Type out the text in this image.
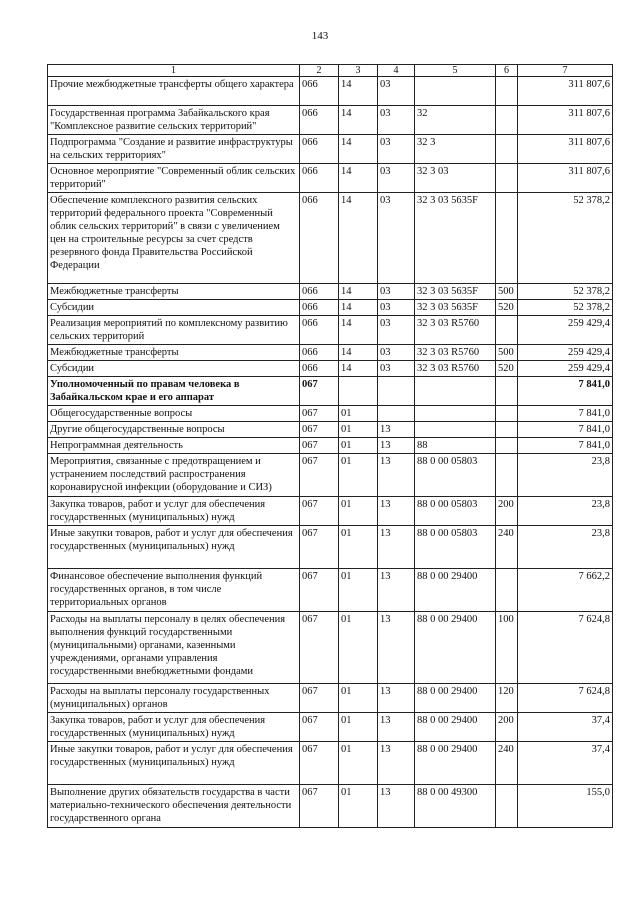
143
1	2	3	4	5	6	7
Прочие межбюджетные трансферты общего характера	066	14	03			311 807,6
Государственная программа Забайкальского края "Комплексное развитие сельских территорий"	066	14	03	32		311 807,6
Подпрограмма "Создание и развитие инфраструктуры на сельских территориях"	066	14	03	32 3		311 807,6
Основное мероприятие "Современный облик сельских территорий"	066	14	03	32 3 03		311 807,6
Обеспечение комплексного развития сельских территорий федерального проекта "Современный облик сельских территорий" в связи с увеличением цен на строительные ресурсы за счет средств резервного фонда Правительства Российской Федерации	066	14	03	32 3 03 5635F		52 378,2
Межбюджетные трансферты	066	14	03	32 3 03 5635F	500	52 378,2
Субсидии	066	14	03	32 3 03 5635F	520	52 378,2
Реализация мероприятий по комплексному развитию сельских территорий	066	14	03	32 3 03 R5760		259 429,4
Межбюджетные трансферты	066	14	03	32 3 03 R5760	500	259 429,4
Субсидии	066	14	03	32 3 03 R5760	520	259 429,4
Уполномоченный по правам человека в Забайкальском крае и его аппарат	067					7 841,0
Общегосударственные вопросы	067	01				7 841,0
Другие общегосударственные вопросы	067	01	13			7 841,0
Непрограммная деятельность	067	01	13	88		7 841,0
Мероприятия, связанные с предотвращением и устранением последствий распространения коронавирусной инфекции (оборудование и СИЗ)	067	01	13	88 0 00 05803		23,8
Закупка товаров, работ и услуг для обеспечения государственных (муниципальных) нужд	067	01	13	88 0 00 05803	200	23,8
Иные закупки товаров, работ и услуг для обеспечения государственных (муниципальных) нужд	067	01	13	88 0 00 05803	240	23,8
Финансовое обеспечение выполнения функций государственных органов, в том числе территориальных органов	067	01	13	88 0 00 29400		7 662,2
Расходы на выплаты персоналу в целях обеспечения выполнения функций государственными (муниципальными) органами, казенными учреждениями, органами управления государственными внебюджетными фондами	067	01	13	88 0 00 29400	100	7 624,8
Расходы на выплаты персоналу государственных (муниципальных) органов	067	01	13	88 0 00 29400	120	7 624,8
Закупка товаров, работ и услуг для обеспечения государственных (муниципальных) нужд	067	01	13	88 0 00 29400	200	37,4
Иные закупки товаров, работ и услуг для обеспечения государственных (муниципальных) нужд	067	01	13	88 0 00 29400	240	37,4
Выполнение других обязательств государства в части материально-технического обеспечения деятельности государственного органа	067	01	13	88 0 00 49300		155,0
